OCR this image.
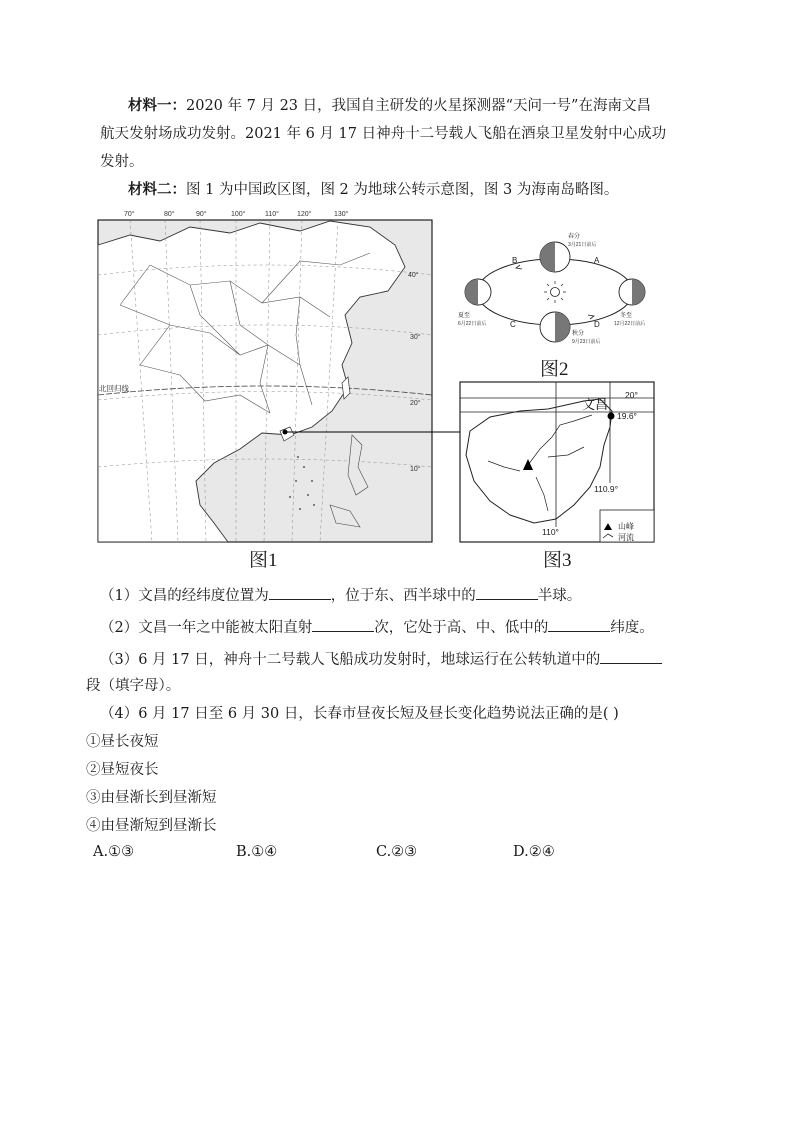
材料一：2020 年 7 月 23 日，我国自主研发的火星探测器“天问一号”在海南文昌
航天发射场成功发射。2021 年 6 月 17 日神舟十二号载人飞船在酒泉卫星发射中心成功
发射。
材料二：图 1 为中国政区图，图 2 为地球公转示意图，图 3 为海南岛略图。
70°	80°	90°	100°	110°	120°	130°
北回归线
40°
30°
20°
10°
春分
3月21日前后
秋分
9月23日前后
夏至
6月22日前后
冬至
12月22日前后
A
B
C	D
20°
19.6°
110.9°
110°
文昌
山峰
河流
图2
图1	图3
（1）文昌的经纬度位置为	，位于东、西半球中的	半球。
（2）文昌一年之中能被太阳直射	次，它处于高、中、低中的	纬度。
（3）6 月 17 日，神舟十二号载人飞船成功发射时，地球运行在公转轨道中的
段（填字母）。
（4）6 月 17 日至 6 月 30 日，长春市昼夜长短及昼长变化趋势说法正确的是( )
①昼长夜短
②昼短夜长
③由昼渐长到昼渐短
④由昼渐短到昼渐长
A.①③	B.①④	C.②③	D.②④
